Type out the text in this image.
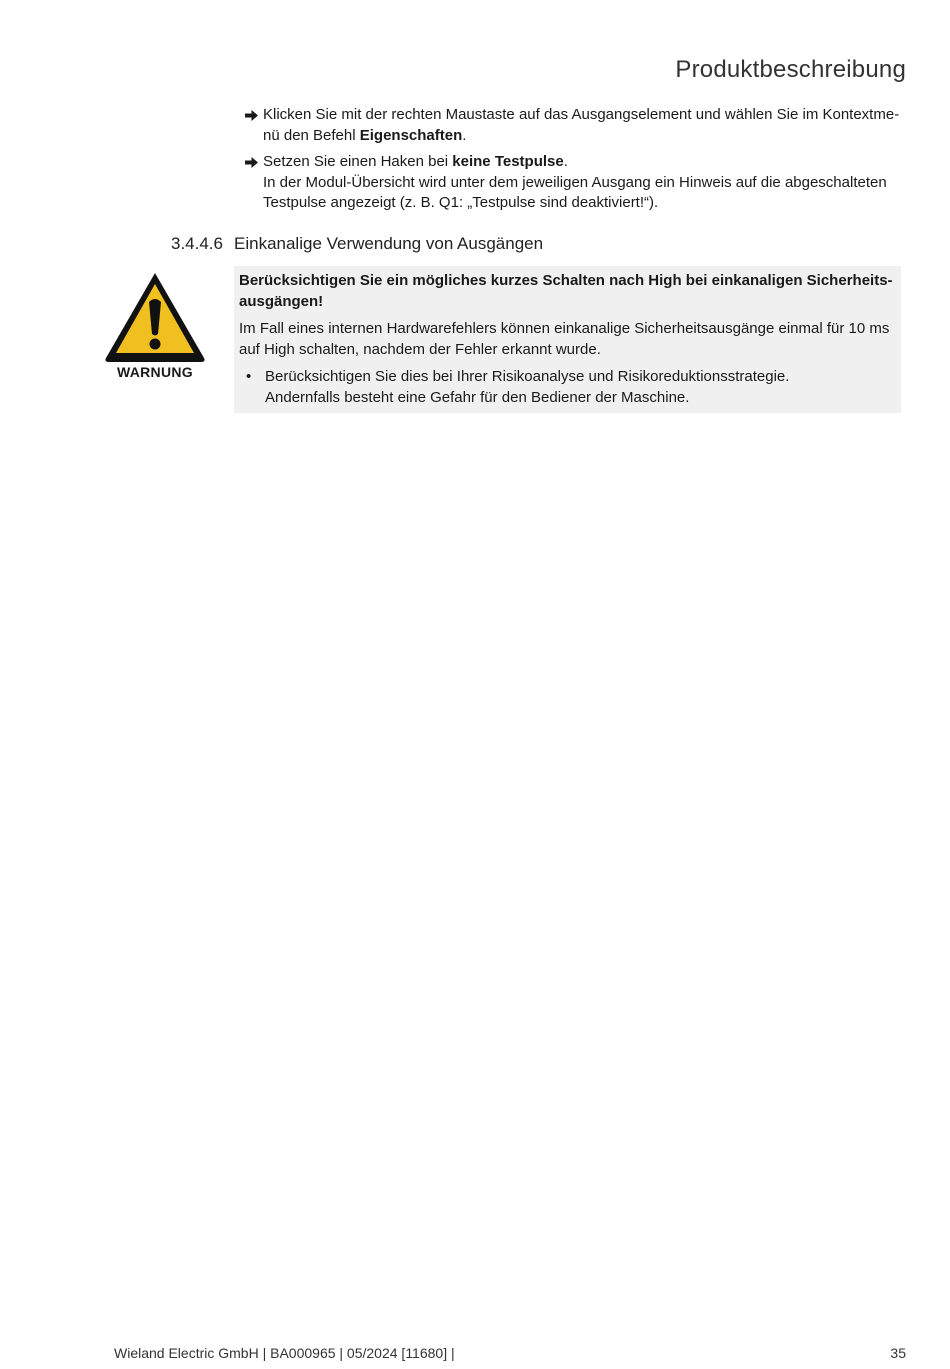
Produktbeschreibung
Klicken Sie mit der rechten Maustaste auf das Ausgangselement und wählen Sie im Kontextmenü den Befehl Eigenschaften.
Setzen Sie einen Haken bei keine Testpulse.
In der Modul-Übersicht wird unter dem jeweiligen Ausgang ein Hinweis auf die abgeschalteten Testpulse angezeigt (z. B. Q1: „Testpulse sind deaktiviert!“).
3.4.4.6 Einkanalige Verwendung von Ausgängen
WARNUNG

Berücksichtigen Sie ein mögliches kurzes Schalten nach High bei einkanaligen Sicherheitsausgängen!

Im Fall eines internen Hardwarefehlers können einkanalige Sicherheitsausgänge einmal für 10 ms auf High schalten, nachdem der Fehler erkannt wurde.

• Berücksichtigen Sie dies bei Ihrer Risikoanalyse und Risikoreduktionsstrategie.
Andernfalls besteht eine Gefahr für den Bediener der Maschine.

Wieland Electric GmbH | BA000965 | 05/2024 [11680] |	35
